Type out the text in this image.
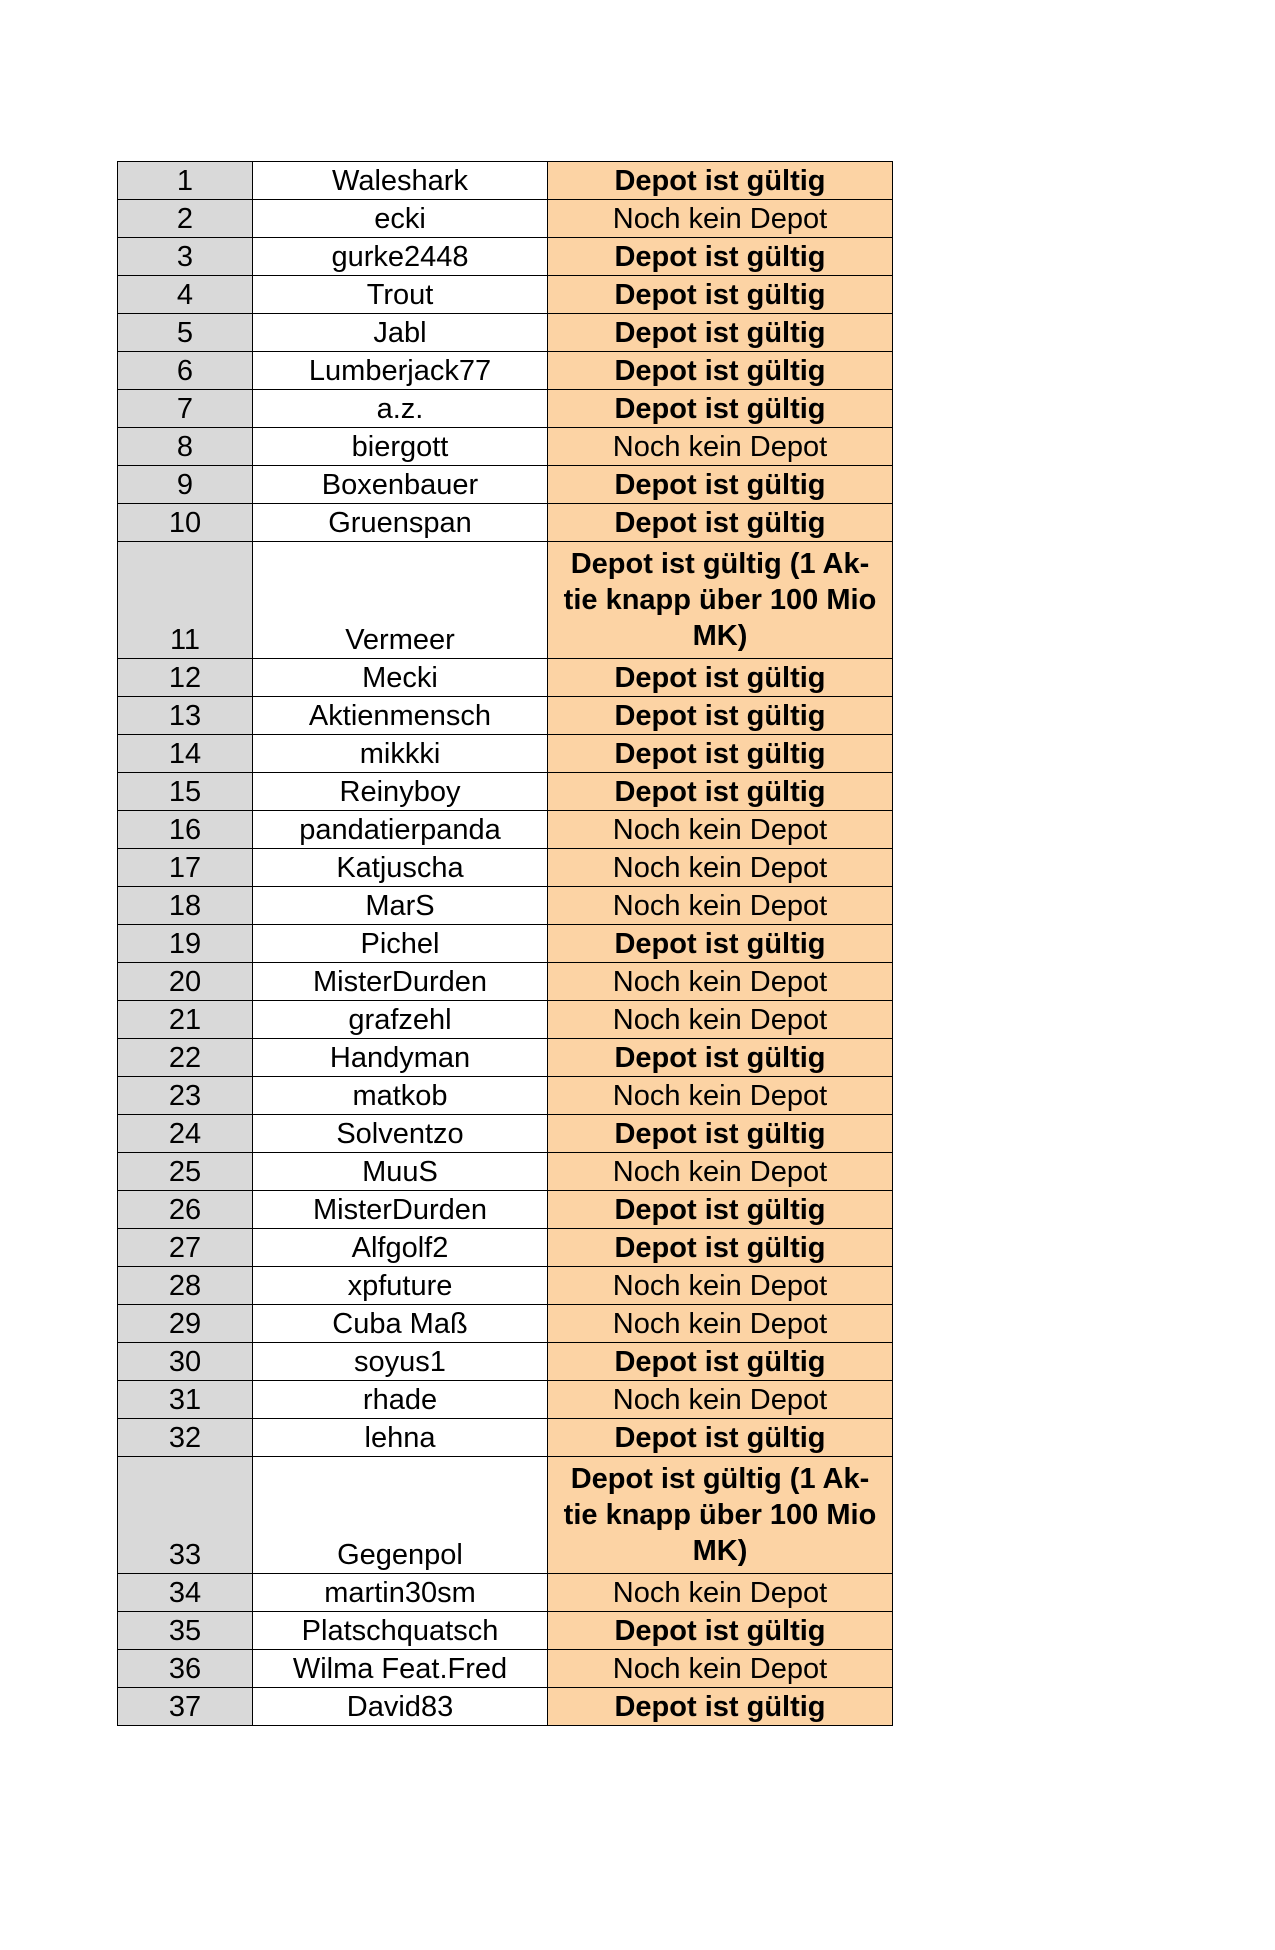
1	Waleshark	Depot ist gültig
2	ecki	Noch kein Depot
3	gurke2448	Depot ist gültig
4	Trout	Depot ist gültig
5	Jabl	Depot ist gültig
6	Lumberjack77	Depot ist gültig
7	a.z.	Depot ist gültig
8	biergott	Noch kein Depot
9	Boxenbauer	Depot ist gültig
10	Gruenspan	Depot ist gültig
11	Vermeer	Depot ist gültig (1 Ak-
tie knapp über 100 Mio
MK)

12	Mecki	Depot ist gültig
13	Aktienmensch	Depot ist gültig
14	mikkki	Depot ist gültig
15	Reinyboy	Depot ist gültig
16	pandatierpanda	Noch kein Depot
17	Katjuscha	Noch kein Depot
18	MarS	Noch kein Depot
19	Pichel	Depot ist gültig
20	MisterDurden	Noch kein Depot
21	grafzehl	Noch kein Depot
22	Handyman	Depot ist gültig
23	matkob	Noch kein Depot
24	Solventzo	Depot ist gültig
25	MuuS	Noch kein Depot
26	MisterDurden	Depot ist gültig
27	Alfgolf2	Depot ist gültig
28	xpfuture	Noch kein Depot
29	Cuba Maß	Noch kein Depot
30	soyus1	Depot ist gültig
31	rhade	Noch kein Depot
32	lehna	Depot ist gültig
33	Gegenpol	Depot ist gültig (1 Ak-
tie knapp über 100 Mio
MK)

34	martin30sm	Noch kein Depot
35	Platschquatsch	Depot ist gültig
36	Wilma Feat.Fred	Noch kein Depot
37	David83	Depot ist gültig
